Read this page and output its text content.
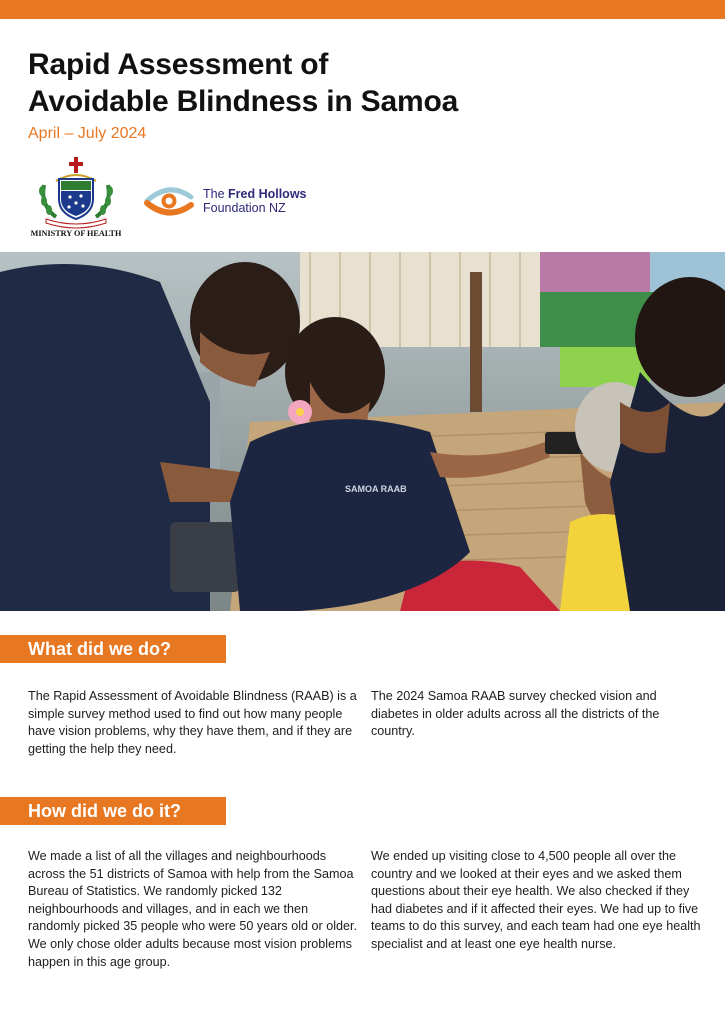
Rapid Assessment of
Avoidable Blindness in Samoa
April – July 2024
MINISTRY OF HEALTH
The Fred Hollows
Foundation NZ
SAMOA RAAB
What did we do?

The Rapid Assessment of Avoidable Blindness (RAAB) is a simple survey method used to find out how many people have vision problems, why they have them, and if they are getting the help they need.

The 2024 Samoa RAAB survey checked vision and diabetes in older adults across all the districts of the country.

How did we do it?

We made a list of all the villages and neighbourhoods across the 51 districts of Samoa with help from the Samoa Bureau of Statistics. We randomly picked 132 neighbourhoods and villages, and in each we then randomly picked 35 people who were 50 years old or older. We only chose older adults because most vision problems happen in this age group.

We ended up visiting close to 4,500 people all over the country and we looked at their eyes and we asked them questions about their eye health. We also checked if they had diabetes and if it affected their eyes. We had up to five teams to do this survey, and each team had one eye health specialist and at least one eye health nurse.
